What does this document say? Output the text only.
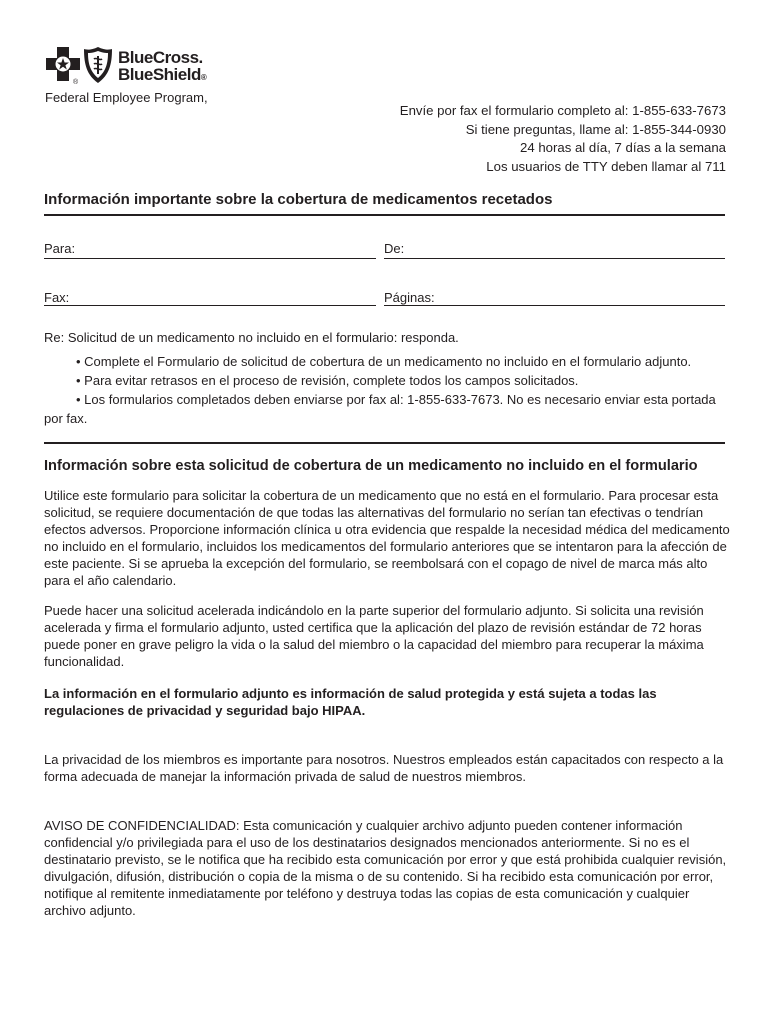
®
BlueCross.
BlueShield®
Federal Employee Program,
Envíe por fax el formulario completo al: 1-855-633-7673
Si tiene preguntas, llame al: 1-855-344-0930
24 horas al día, 7 días a la semana
Los usuarios de TTY deben llamar al 711
Información importante sobre la cobertura de medicamentos recetados
Para:	De:
Fax:	Páginas:
Re: Solicitud de un medicamento no incluido en el formulario: responda.
• Complete el Formulario de solicitud de cobertura de un medicamento no incluido en el formulario adjunto.
• Para evitar retrasos en el proceso de revisión, complete todos los campos solicitados.
• Los formularios completados deben enviarse por fax al: 1-855-633-7673. No es necesario enviar esta portada por fax.
Información sobre esta solicitud de cobertura de un medicamento no incluido en el formulario
Utilice este formulario para solicitar la cobertura de un medicamento que no está en el formulario. Para procesar esta solicitud, se requiere documentación de que todas las alternativas del formulario no serían tan efectivas o tendrían efectos adversos. Proporcione información clínica u otra evidencia que respalde la necesidad médica del medicamento no incluido en el formulario, incluidos los medicamentos del formulario anteriores que se intentaron para la afección de este paciente. Si se aprueba la excepción del formulario, se reembolsará con el copago de nivel de marca más alto para el año calendario.
Puede hacer una solicitud acelerada indicándolo en la parte superior del formulario adjunto. Si solicita una revisión acelerada y firma el formulario adjunto, usted certifica que la aplicación del plazo de revisión estándar de 72 horas puede poner en grave peligro la vida o la salud del miembro o la capacidad del miembro para recuperar la máxima funcionalidad.
La información en el formulario adjunto es información de salud protegida y está sujeta a todas las regulaciones de privacidad y seguridad bajo HIPAA.
La privacidad de los miembros es importante para nosotros. Nuestros empleados están capacitados con respecto a la forma adecuada de manejar la información privada de salud de nuestros miembros.
AVISO DE CONFIDENCIALIDAD: Esta comunicación y cualquier archivo adjunto pueden contener información confidencial y/o privilegiada para el uso de los destinatarios designados mencionados anteriormente. Si no es el destinatario previsto, se le notifica que ha recibido esta comunicación por error y que está prohibida cualquier revisión, divulgación, difusión, distribución o copia de la misma o de su contenido. Si ha recibido esta comunicación por error, notifique al remitente inmediatamente por teléfono y destruya todas las copias de esta comunicación y cualquier archivo adjunto.
